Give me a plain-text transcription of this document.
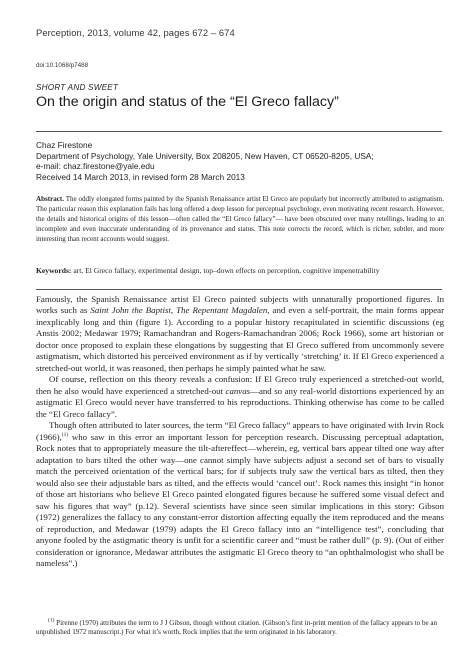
Perception, 2013, volume 42, pages 672 – 674
doi:10.1068/p7488
SHORT AND SWEET
On the origin and status of the “El Greco fallacy”
Chaz Firestone
Department of Psychology, Yale University, Box 208205, New Haven, CT 06520-8205, USA;
e-mail: chaz.firestone@yale.edu
Received 14 March 2013, in revised form 28 March 2013
Abstract. The oddly elongated forms painted by the Spanish Renaissance artist El Greco are popularly but incorrectly attributed to astigmatism. The particular reason this explanation fails has long offered a deep lesson for perceptual psychology, even motivating recent research. However, the details and historical origins of this lesson—often called the “El Greco fallacy”— have been obscured over many retellings, leading to an incomplete and even inaccurate understanding of its provenance and status. This note corrects the record, which is richer, subtler, and more interesting than recent accounts would suggest.
Keywords: art, El Greco fallacy, experimental design, top–down effects on perception, cognitive impenetrability

Famously, the Spanish Renaissance artist El Greco painted subjects with unnaturally proportioned figures. In works such as Saint John the Baptist, The Repentant Magdalen, and even a self-portrait, the main forms appear inexplicably long and thin (figure 1). According to a popular history recapitulated in scientific discussions (eg Anstis 2002; Medawar 1979; Ramachandran and Rogers-Ramachandran 2006; Rock 1966), some art historian or doctor once proposed to explain these elongations by suggesting that El Greco suffered from uncommonly severe astigmatism, which distorted his perceived environment as if by vertically ‘stretching’ it. If El Greco experienced a stretched-out world, it was reasoned, then perhaps he simply painted what he saw.

Of course, reflection on this theory reveals a confusion: If El Greco truly experienced a stretched-out world, then he also would have experienced a stretched-out canvas—and so any real-world distortions experienced by an astigmatic El Greco would never have transferred to his reproductions. Thinking otherwise has come to be called the “El Greco fallacy”.

Though often attributed to later sources, the term “El Greco fallacy” appears to have originated with Irvin Rock (1966),$^{(1)}$ who saw in this error an important lesson for perception research. Discussing perceptual adaptation, Rock notes that to appropriately measure the tilt-aftereffect—wherein, eg, vertical bars appear tilted one way after adaptation to bars tilted the other way—one cannot simply have subjects adjust a second set of bars to visually match the perceived orientation of the vertical bars; for if subjects truly saw the vertical bars as tilted, then they would also see their adjustable bars as tilted, and the effects would ‘cancel out’. Rock names this insight “in honor of those art historians who believe El Greco painted elongated figures because he suffered some visual defect and saw his figures that way” (p.12). Several scientists have since seen similar implications in this story: Gibson (1972) generalizes the fallacy to any constant-error distortion affecting equally the item reproduced and the means of reproduction, and Medawar (1979) adapts the El Greco fallacy into an “intelligence test”, concluding that anyone fooled by the astigmatic theory is unfit for a scientific career and “must be rather dull” (p. 9). (Out of either consideration or ignorance, Medawar attributes the astigmatic El Greco theory to “an ophthalmologist who shall be nameless”.)

$^{(1)}$ Pirenne (1970) attributes the term to J J Gibson, though without citation. (Gibson’s first in-print mention of the fallacy appears to be an unpublished 1972 manuscript.) For what it’s worth, Rock implies that the term originated in his laboratory.
